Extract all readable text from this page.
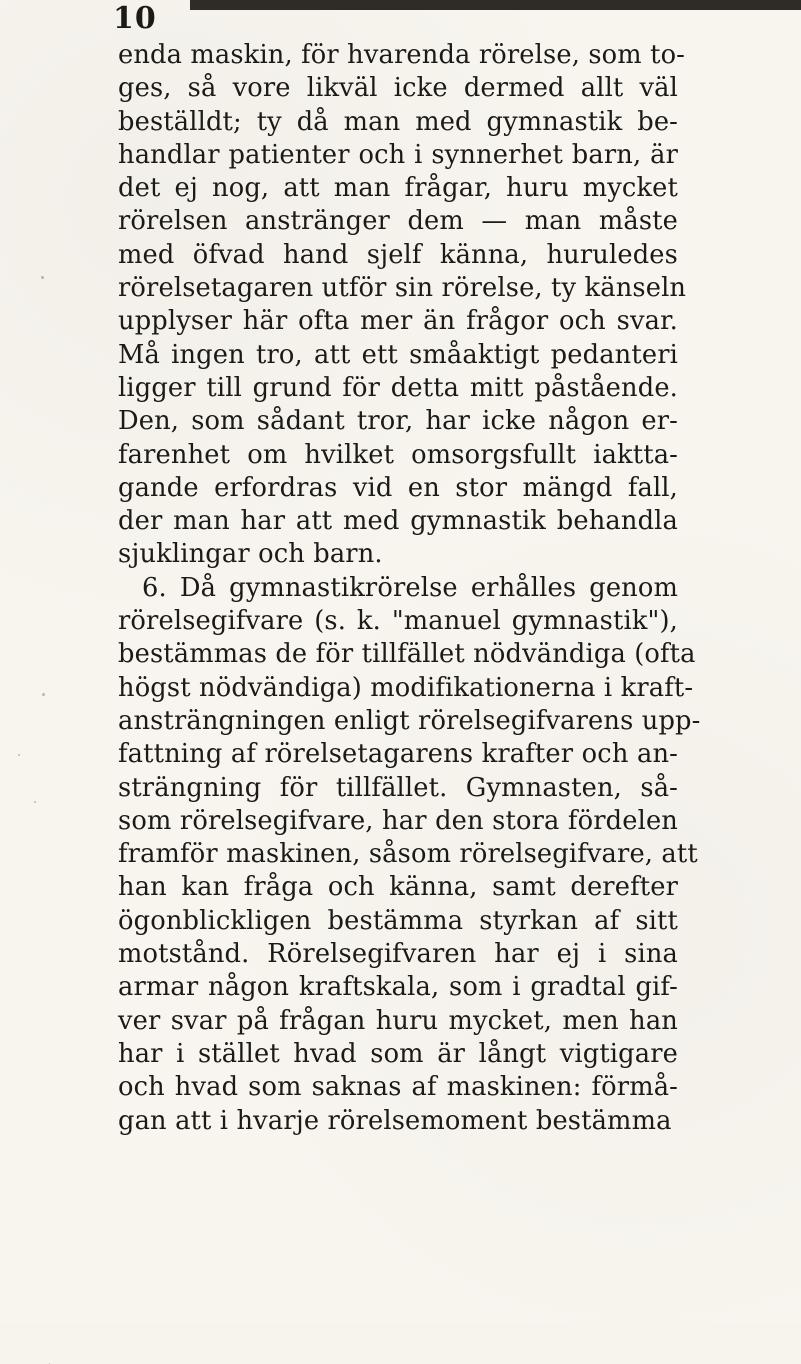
10
enda maskin, för hvarenda rörelse, som to-
ges, så vore likväl icke dermed allt väl
beställdt; ty då man med gymnastik be-
handlar patienter och i synnerhet barn, är
det ej nog, att man frågar, huru mycket
rörelsen anstränger dem — man måste
med öfvad hand sjelf känna, huruledes
rörelsetagaren utför sin rörelse, ty känseln
upplyser här ofta mer än frågor och svar.
Må ingen tro, att ett småaktigt pedanteri
ligger till grund för detta mitt påstående.
Den, som sådant tror, har icke någon er-
farenhet om hvilket omsorgsfullt iaktta-
gande erfordras vid en stor mängd fall,
der man har att med gymnastik behandla
sjuklingar och barn.
6. Då gymnastikrörelse erhålles genom
rörelsegifvare (s. k. "manuel gymnastik"),
bestämmas de för tillfället nödvändiga (ofta
högst nödvändiga) modifikationerna i kraft-
ansträngningen enligt rörelsegifvarens upp-
fattning af rörelsetagarens krafter och an-
strängning för tillfället. Gymnasten, så-
som rörelsegifvare, har den stora fördelen
framför maskinen, såsom rörelsegifvare, att
han kan fråga och känna, samt derefter
ögonblickligen bestämma styrkan af sitt
motstånd. Rörelsegifvaren har ej i sina
armar någon kraftskala, som i gradtal gif-
ver svar på frågan huru mycket, men han
har i stället hvad som är långt vigtigare
och hvad som saknas af maskinen: förmå-
gan att i hvarje rörelsemoment bestämma
